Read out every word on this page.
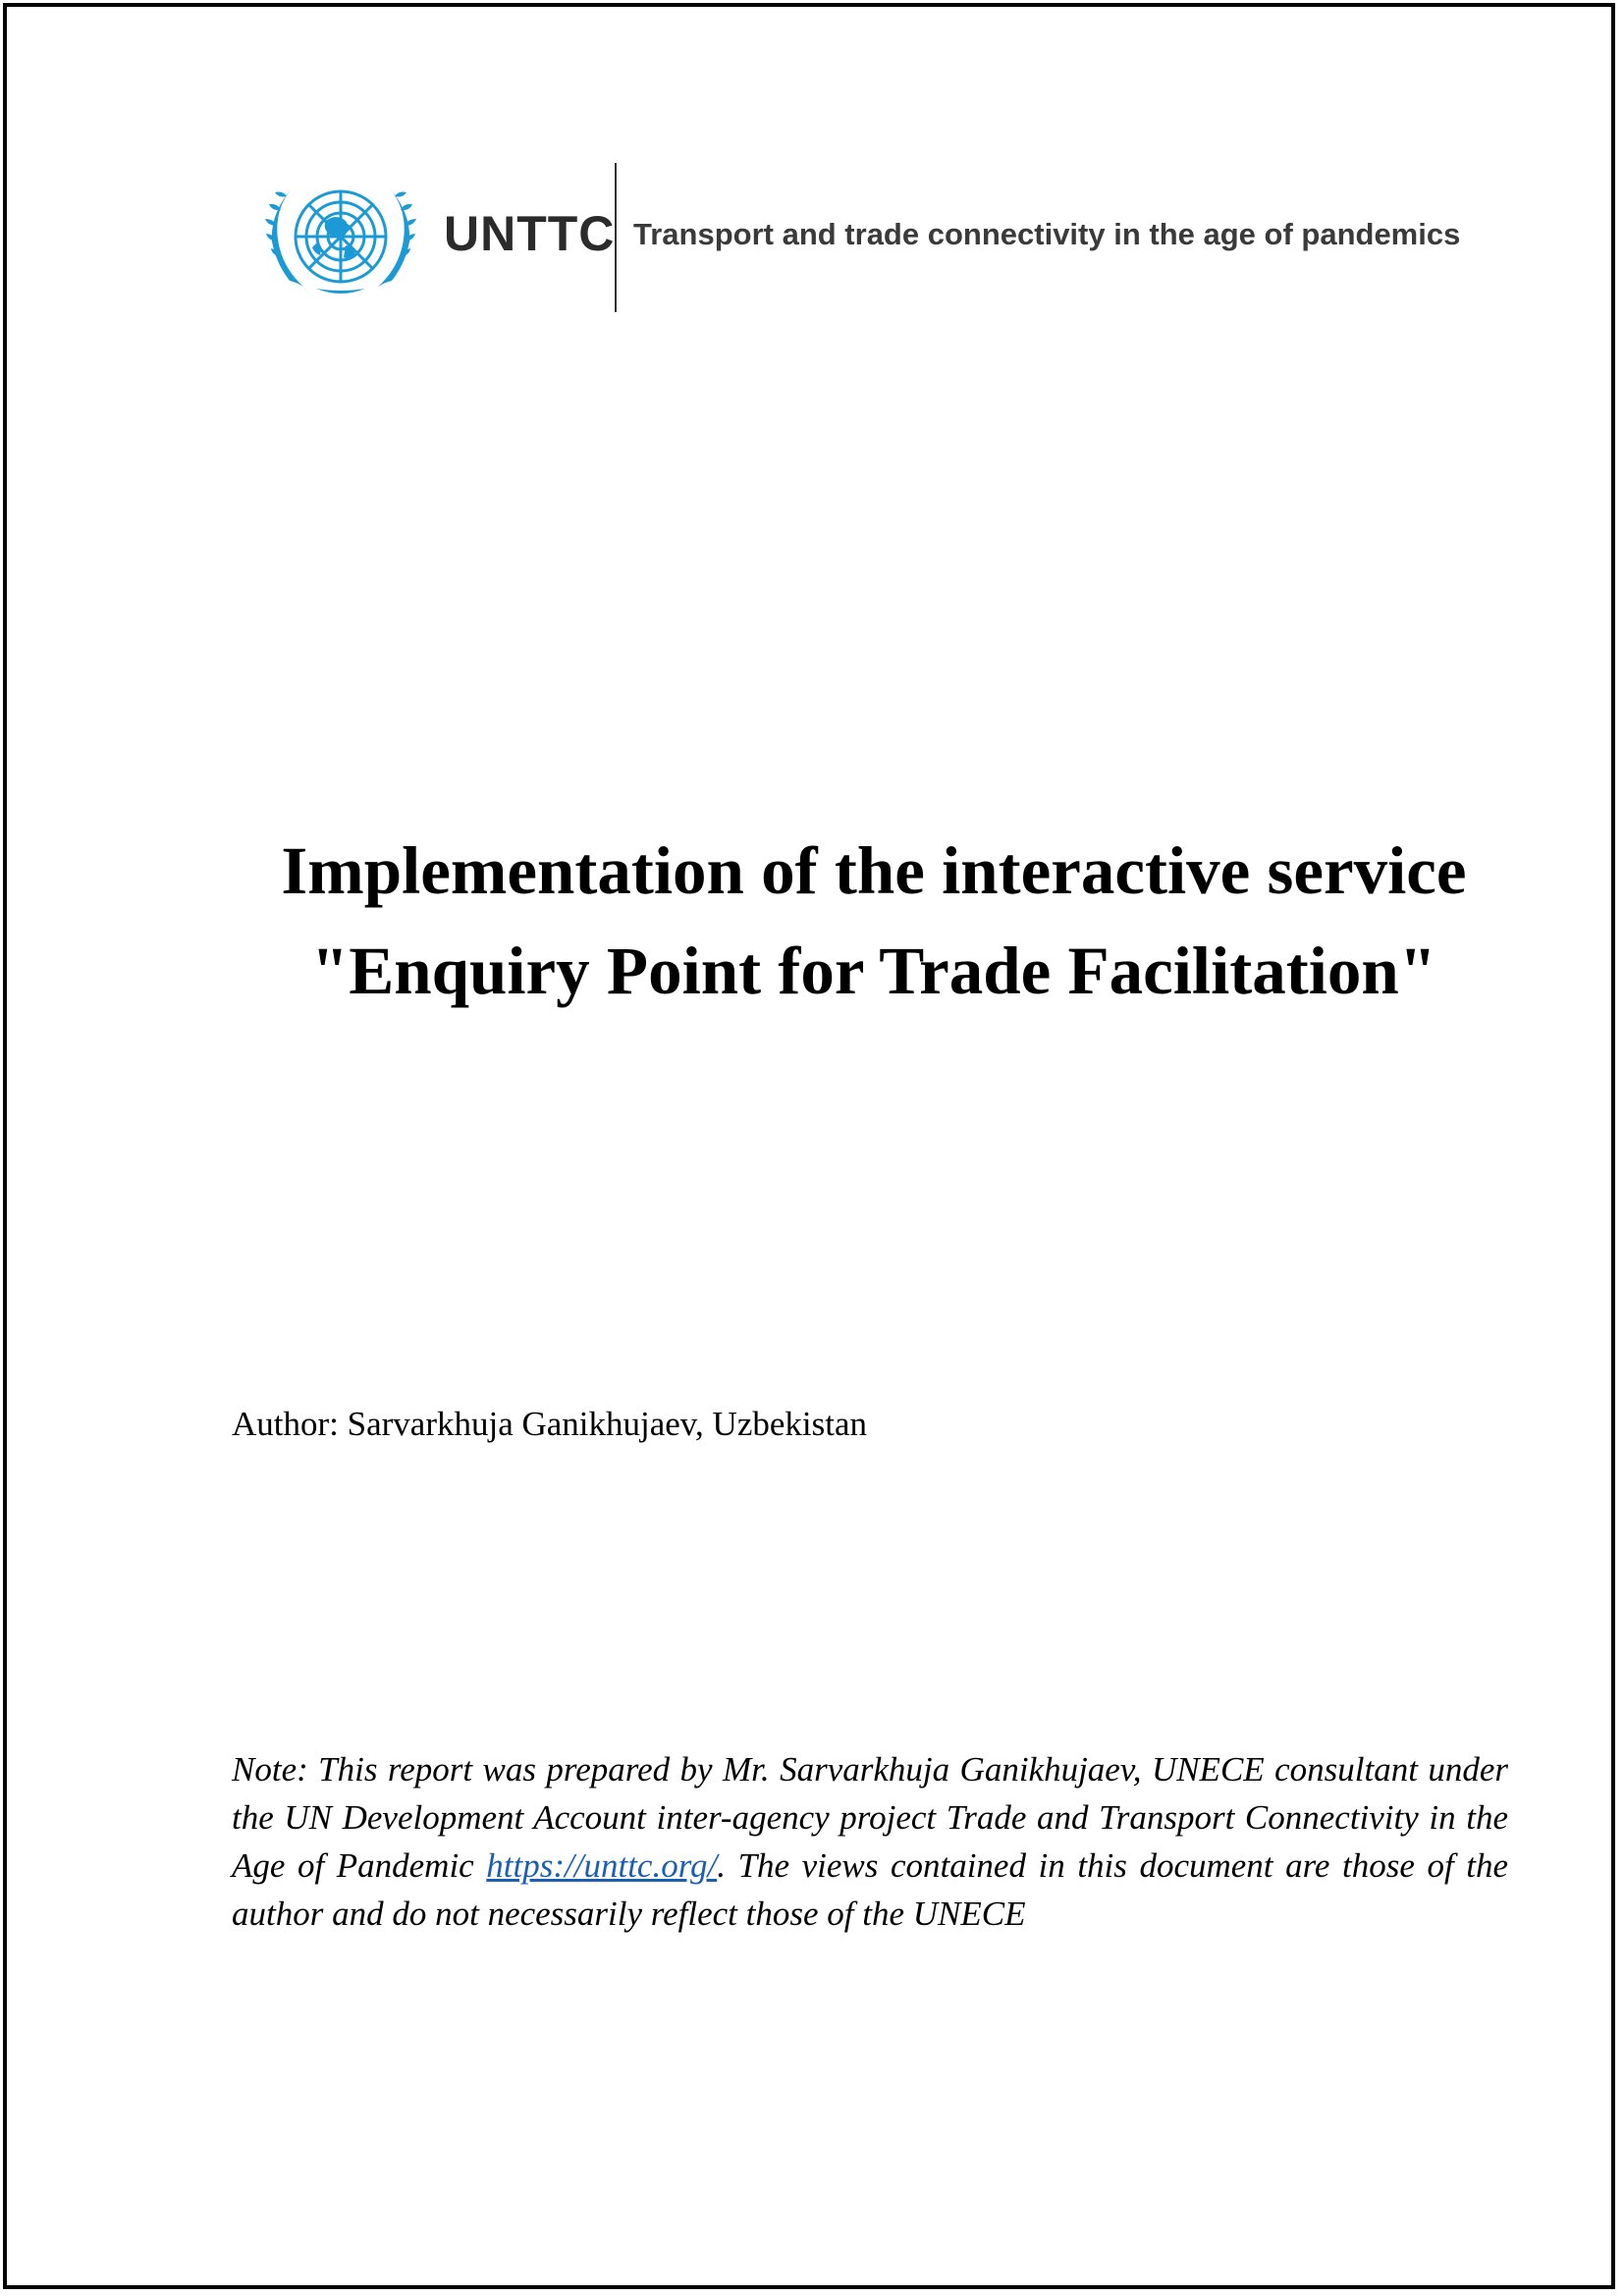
UNTTC Transport and trade connectivity in the age of pandemics
Implementation of the interactive service
"Enquiry Point for Trade Facilitation"
Author: Sarvarkhuja Ganikhujaev, Uzbekistan

Note: This report was prepared by Mr. Sarvarkhuja Ganikhujaev, UNECE consultant under the UN Development Account inter-agency project Trade and Transport Connectivity in the Age of Pandemic https://unttc.org/. The views contained in this document are those of the author and do not necessarily reflect those of the UNECE
